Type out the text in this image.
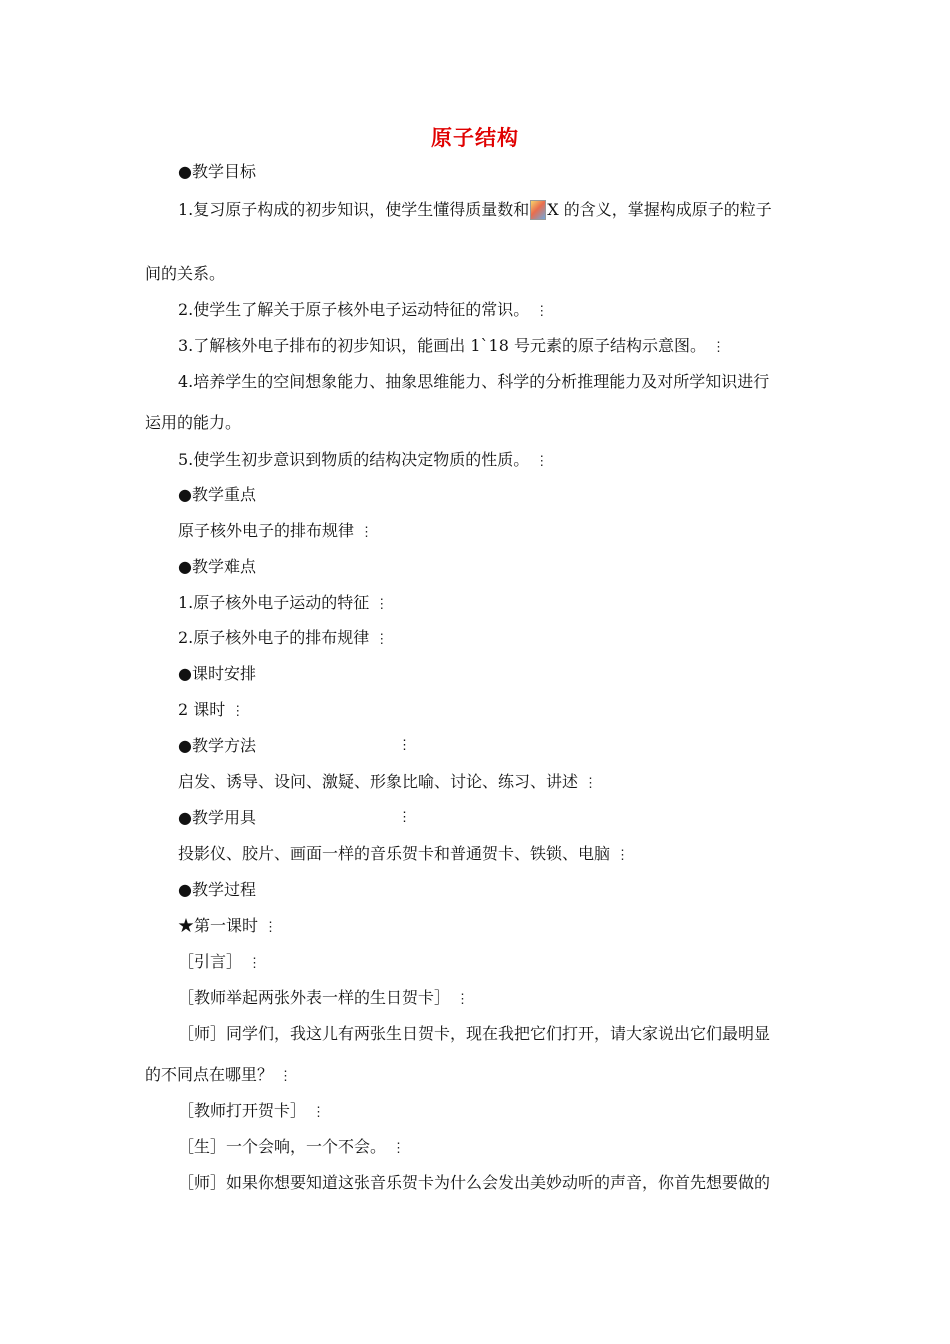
原子结构
●教学目标
1.复习原子构成的初步知识，使学生懂得质量数和 X 的含义，掌握构成原子的粒子
间的关系。
2.使学生了解关于原子核外电子运动特征的常识。 ⋮
3.了解核外电子排布的初步知识，能画出 1`18 号元素的原子结构示意图。 ⋮
4.培养学生的空间想象能力、抽象思维能力、科学的分析推理能力及对所学知识进行
运用的能力。
5.使学生初步意识到物质的结构决定物质的性质。 ⋮
●教学重点
原子核外电子的排布规律 ⋮
●教学难点
1.原子核外电子运动的特征 ⋮
2.原子核外电子的排布规律 ⋮
●课时安排
2 课时 ⋮
●教学方法	⋮
启发、诱导、设问、激疑、形象比喻、讨论、练习、讲述 ⋮
●教学用具	⋮
投影仪、胶片、画面一样的音乐贺卡和普通贺卡、铁锁、电脑 ⋮
●教学过程
★第一课时 ⋮
［引言］ ⋮
［教师举起两张外表一样的生日贺卡］ ⋮
［师］同学们，我这儿有两张生日贺卡，现在我把它们打开，请大家说出它们最明显
的不同点在哪里？ ⋮
［教师打开贺卡］ ⋮
［生］一个会响，一个不会。 ⋮
［师］如果你想要知道这张音乐贺卡为什么会发出美妙动听的声音，你首先想要做的
